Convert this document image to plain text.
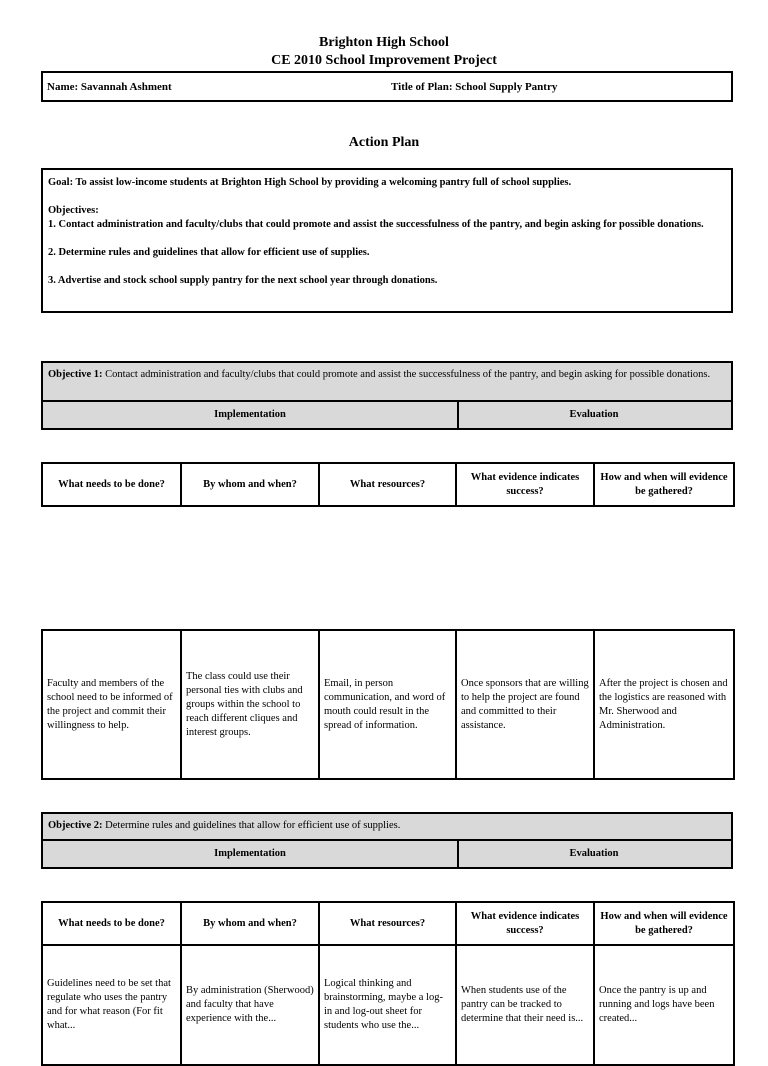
Brighton High School
CE 2010 School Improvement Project
Name: Savannah Ashment	Title of Plan: School Supply Pantry
Action Plan

Goal: To assist low-income students at Brighton High School by providing a welcoming pantry full of school supplies.

Objectives:

1. Contact administration and faculty/clubs that could promote and assist the successfulness of the pantry, and begin asking for possible donations.

2. Determine rules and guidelines that allow for efficient use of supplies.

3. Advertise and stock school supply pantry for the next school year through donations.

Objective 1: Contact administration and faculty/clubs that could promote and assist the successfulness of the pantry, and begin asking for possible donations.
Implementation	Evaluation
What needs to be done?	By whom and when?	What resources?	What evidence indicates success?	How and when will evidence be gathered?
Faculty and members of the school need to be informed of the project and commit their willingness to help.	The class could use their personal ties with clubs and groups within the school to reach different cliques and interest groups.	Email, in person communication, and word of mouth could result in the spread of information.	Once sponsors that are willing to help the project are found and committed to their assistance.	After the project is chosen and the logistics are reasoned with Mr. Sherwood and Administration.
Objective 2: Determine rules and guidelines that allow for efficient use of supplies.
Implementation	Evaluation
What needs to be done?	By whom and when?	What resources?	What evidence indicates success?	How and when will evidence be gathered?
Guidelines need to be set that regulate who uses the pantry and for what reason (For fit what...	By administration (Sherwood) and faculty that have experience with the...	Logical thinking and brainstorming, maybe a log-in and log-out sheet for students who use the...	When students use of the pantry can be tracked to determine that their need is...	Once the pantry is up and running and logs have been created...
